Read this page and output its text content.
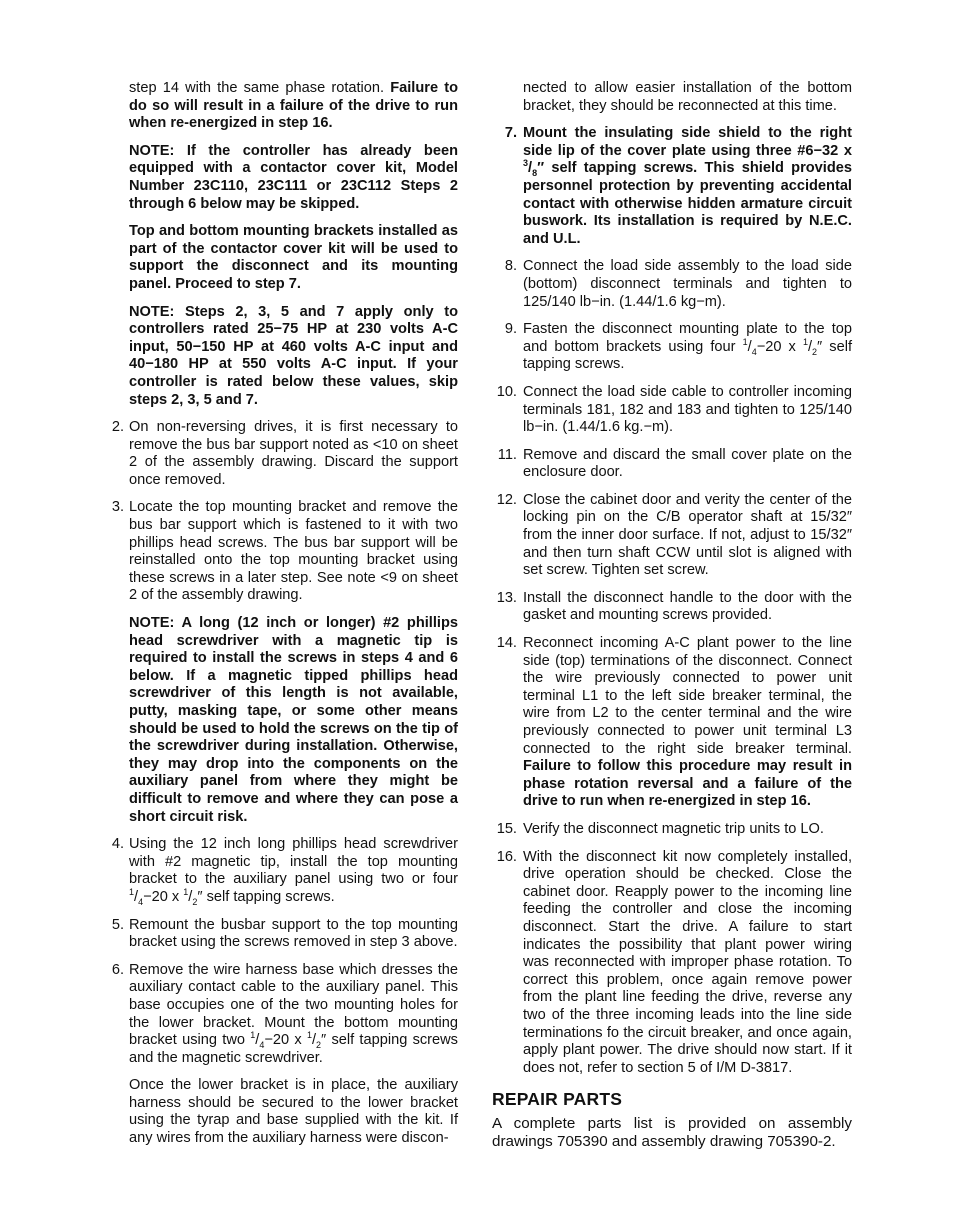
step 14 with the same phase rotation. Failure to do so will result in a failure of the drive to run when re-energized in step 16.

NOTE: If the controller has already been equipped with a contactor cover kit, Model Number 23C110, 23C111 or 23C112 Steps 2 through 6 below may be skipped.

Top and bottom mounting brackets installed as part of the contactor cover kit will be used to support the disconnect and its mounting panel. Proceed to step 7.

NOTE: Steps 2, 3, 5 and 7 apply only to controllers rated 25−75 HP at 230 volts A-C input, 50−150 HP at 460 volts A-C input and 40−180 HP at 550 volts A-C input. If your controller is rated below these values, skip steps 2, 3, 5 and 7.

2. On non-reversing drives, it is first necessary to remove the bus bar support noted as <10 on sheet 2 of the assembly drawing. Discard the support once removed.
3. Locate the top mounting bracket and remove the bus bar support which is fastened to it with two phillips head screws. The bus bar support will be reinstalled onto the top mounting bracket using these screws in a later step. See note <9 on sheet 2 of the assembly drawing.

NOTE: A long (12 inch or longer) #2 phillips head screwdriver with a magnetic tip is required to install the screws in steps 4 and 6 below. If a magnetic tipped phillips head screwdriver of this length is not available, putty, masking tape, or some other means should be used to hold the screws on the tip of the screwdriver during installation. Otherwise, they may drop into the components on the auxiliary panel from where they might be difficult to remove and where they can pose a short circuit risk.

4. Using the 12 inch long phillips head screwdriver with #2 magnetic tip, install the top mounting bracket to the auxiliary panel using two or four $^1/_4-20$ x $^1/_2''$ self tapping screws.
5. Remount the busbar support to the top mounting bracket using the screws removed in step 3 above.
6. Remove the wire harness base which dresses the auxiliary contact cable to the auxiliary panel. This base occupies one of the two mounting holes for the lower bracket. Mount the bottom mounting bracket using two $^1/_4-20$ x $^1/_2''$ self tapping screws and the magnetic screwdriver.

Once the lower bracket is in place, the auxiliary harness should be secured to the lower bracket using the tyrap and base supplied with the kit. If any wires from the auxiliary harness were discon-

nected to allow easier installation of the bottom bracket, they should be reconnected at this time.

7. Mount the insulating side shield to the right side lip of the cover plate using three #6−32 x $^3/_8''$ self tapping screws. This shield provides personnel protection by preventing accidental contact with otherwise hidden armature circuit buswork. Its installation is required by N.E.C. and U.L.
8. Connect the load side assembly to the load side (bottom) disconnect terminals and tighten to 125/140 lb−in. (1.44/1.6 kg−m).
9. Fasten the disconnect mounting plate to the top and bottom brackets using four $^1/_4-20$ x $^1/_2''$ self tapping screws.
10. Connect the load side cable to controller incoming terminals 181, 182 and 183 and tighten to 125/140 lb−in. (1.44/1.6 kg.−m).
11. Remove and discard the small cover plate on the enclosure door.
12. Close the cabinet door and verity the center of the locking pin on the C/B operator shaft at 15/32″ from the inner door surface. If not, adjust to 15/32″ and then turn shaft CCW until slot is aligned with set screw. Tighten set screw.
13. Install the disconnect handle to the door with the gasket and mounting screws provided.
14. Reconnect incoming A-C plant power to the line side (top) terminations of the disconnect. Connect the wire previously connected to power unit terminal L1 to the left side breaker terminal, the wire from L2 to the center terminal and the wire previously connected to power unit terminal L3 connected to the right side breaker terminal. Failure to follow this procedure may result in phase rotation reversal and a failure of the drive to run when re-energized in step 16.
15. Verify the disconnect magnetic trip units to LO.
16. With the disconnect kit now completely installed, drive operation should be checked. Close the cabinet door. Reapply power to the incoming line feeding the controller and close the incoming disconnect. Start the drive. A failure to start indicates the possibility that plant power wiring was reconnected with improper phase rotation. To correct this problem, once again remove power from the plant line feeding the drive, reverse any two of the three incoming leads into the line side terminations fo the circuit breaker, and once again, apply plant power. The drive should now start. If it does not, refer to section 5 of I/M D-3817.
REPAIR PARTS

A complete parts list is provided on assembly drawings 705390 and assembly drawing 705390-2.
